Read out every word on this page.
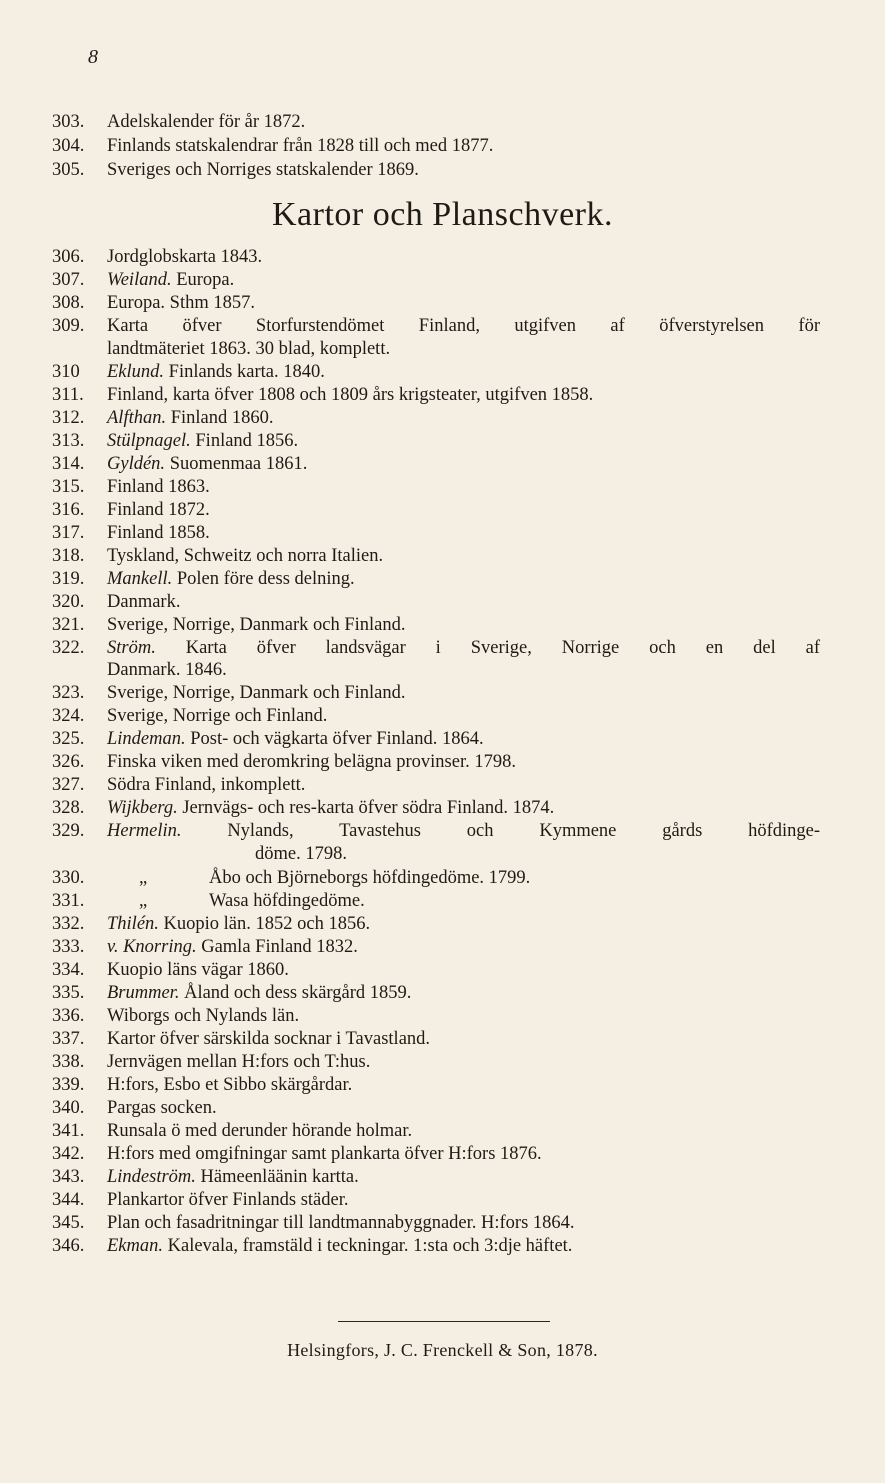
8
Kartor och Planschverk.
303.	Adelskalender för år 1872.
304.	Finlands statskalendrar från 1828 till och med 1877.
305.	Sveriges och Norriges statskalender 1869.
306.	Jordglobskarta 1843.
307.	Weiland. Europa.
308.	Europa. Sthm 1857.
309.	Karta öfver Storfurstendömet Finland, utgifven af öfverstyrelsen för
landtmäteriet 1863. 30 blad, komplett.
310	Eklund. Finlands karta. 1840.
311.	Finland, karta öfver 1808 och 1809 års krigsteater, utgifven 1858.
312.	Alfthan. Finland 1860.
313.	Stülpnagel. Finland 1856.
314.	Gyldén. Suomenmaa 1861.
315.	Finland 1863.
316.	Finland 1872.
317.	Finland 1858.
318.	Tyskland, Schweitz och norra Italien.
319.	Mankell. Polen före dess delning.
320.	Danmark.
321.	Sverige, Norrige, Danmark och Finland.
322.	Ström. Karta öfver landsvägar i Sverige, Norrige och en del af
Danmark. 1846.
323.	Sverige, Norrige, Danmark och Finland.
324.	Sverige, Norrige och Finland.
325.	Lindeman. Post- och vägkarta öfver Finland. 1864.
326.	Finska viken med deromkring belägna provinser. 1798.
327.	Södra Finland, inkomplett.
328.	Wijkberg. Jernvägs- och res-karta öfver södra Finland. 1874.
329.	Hermelin. Nylands, Tavastehus och Kymmene gårds höfdinge-
döme. 1798.
330.	„	Åbo och Björneborgs höfdingedöme. 1799.
331.	„	Wasa höfdingedöme.
332.	Thilén. Kuopio län. 1852 och 1856.
333.	v. Knorring. Gamla Finland 1832.
334.	Kuopio läns vägar 1860.
335.	Brummer. Åland och dess skärgård 1859.
336.	Wiborgs och Nylands län.
337.	Kartor öfver särskilda socknar i Tavastland.
338.	Jernvägen mellan H:fors och T:hus.
339.	H:fors, Esbo et Sibbo skärgårdar.
340.	Pargas socken.
341.	Runsala ö med derunder hörande holmar.
342.	H:fors med omgifningar samt plankarta öfver H:fors 1876.
343.	Lindeström. Hämeenläänin kartta.
344.	Plankartor öfver Finlands städer.
345.	Plan och fasadritningar till landtmannabyggnader. H:fors 1864.
346.	Ekman. Kalevala, framstäld i teckningar. 1:sta och 3:dje häftet.
Helsingfors, J. C. Frenckell & Son, 1878.
